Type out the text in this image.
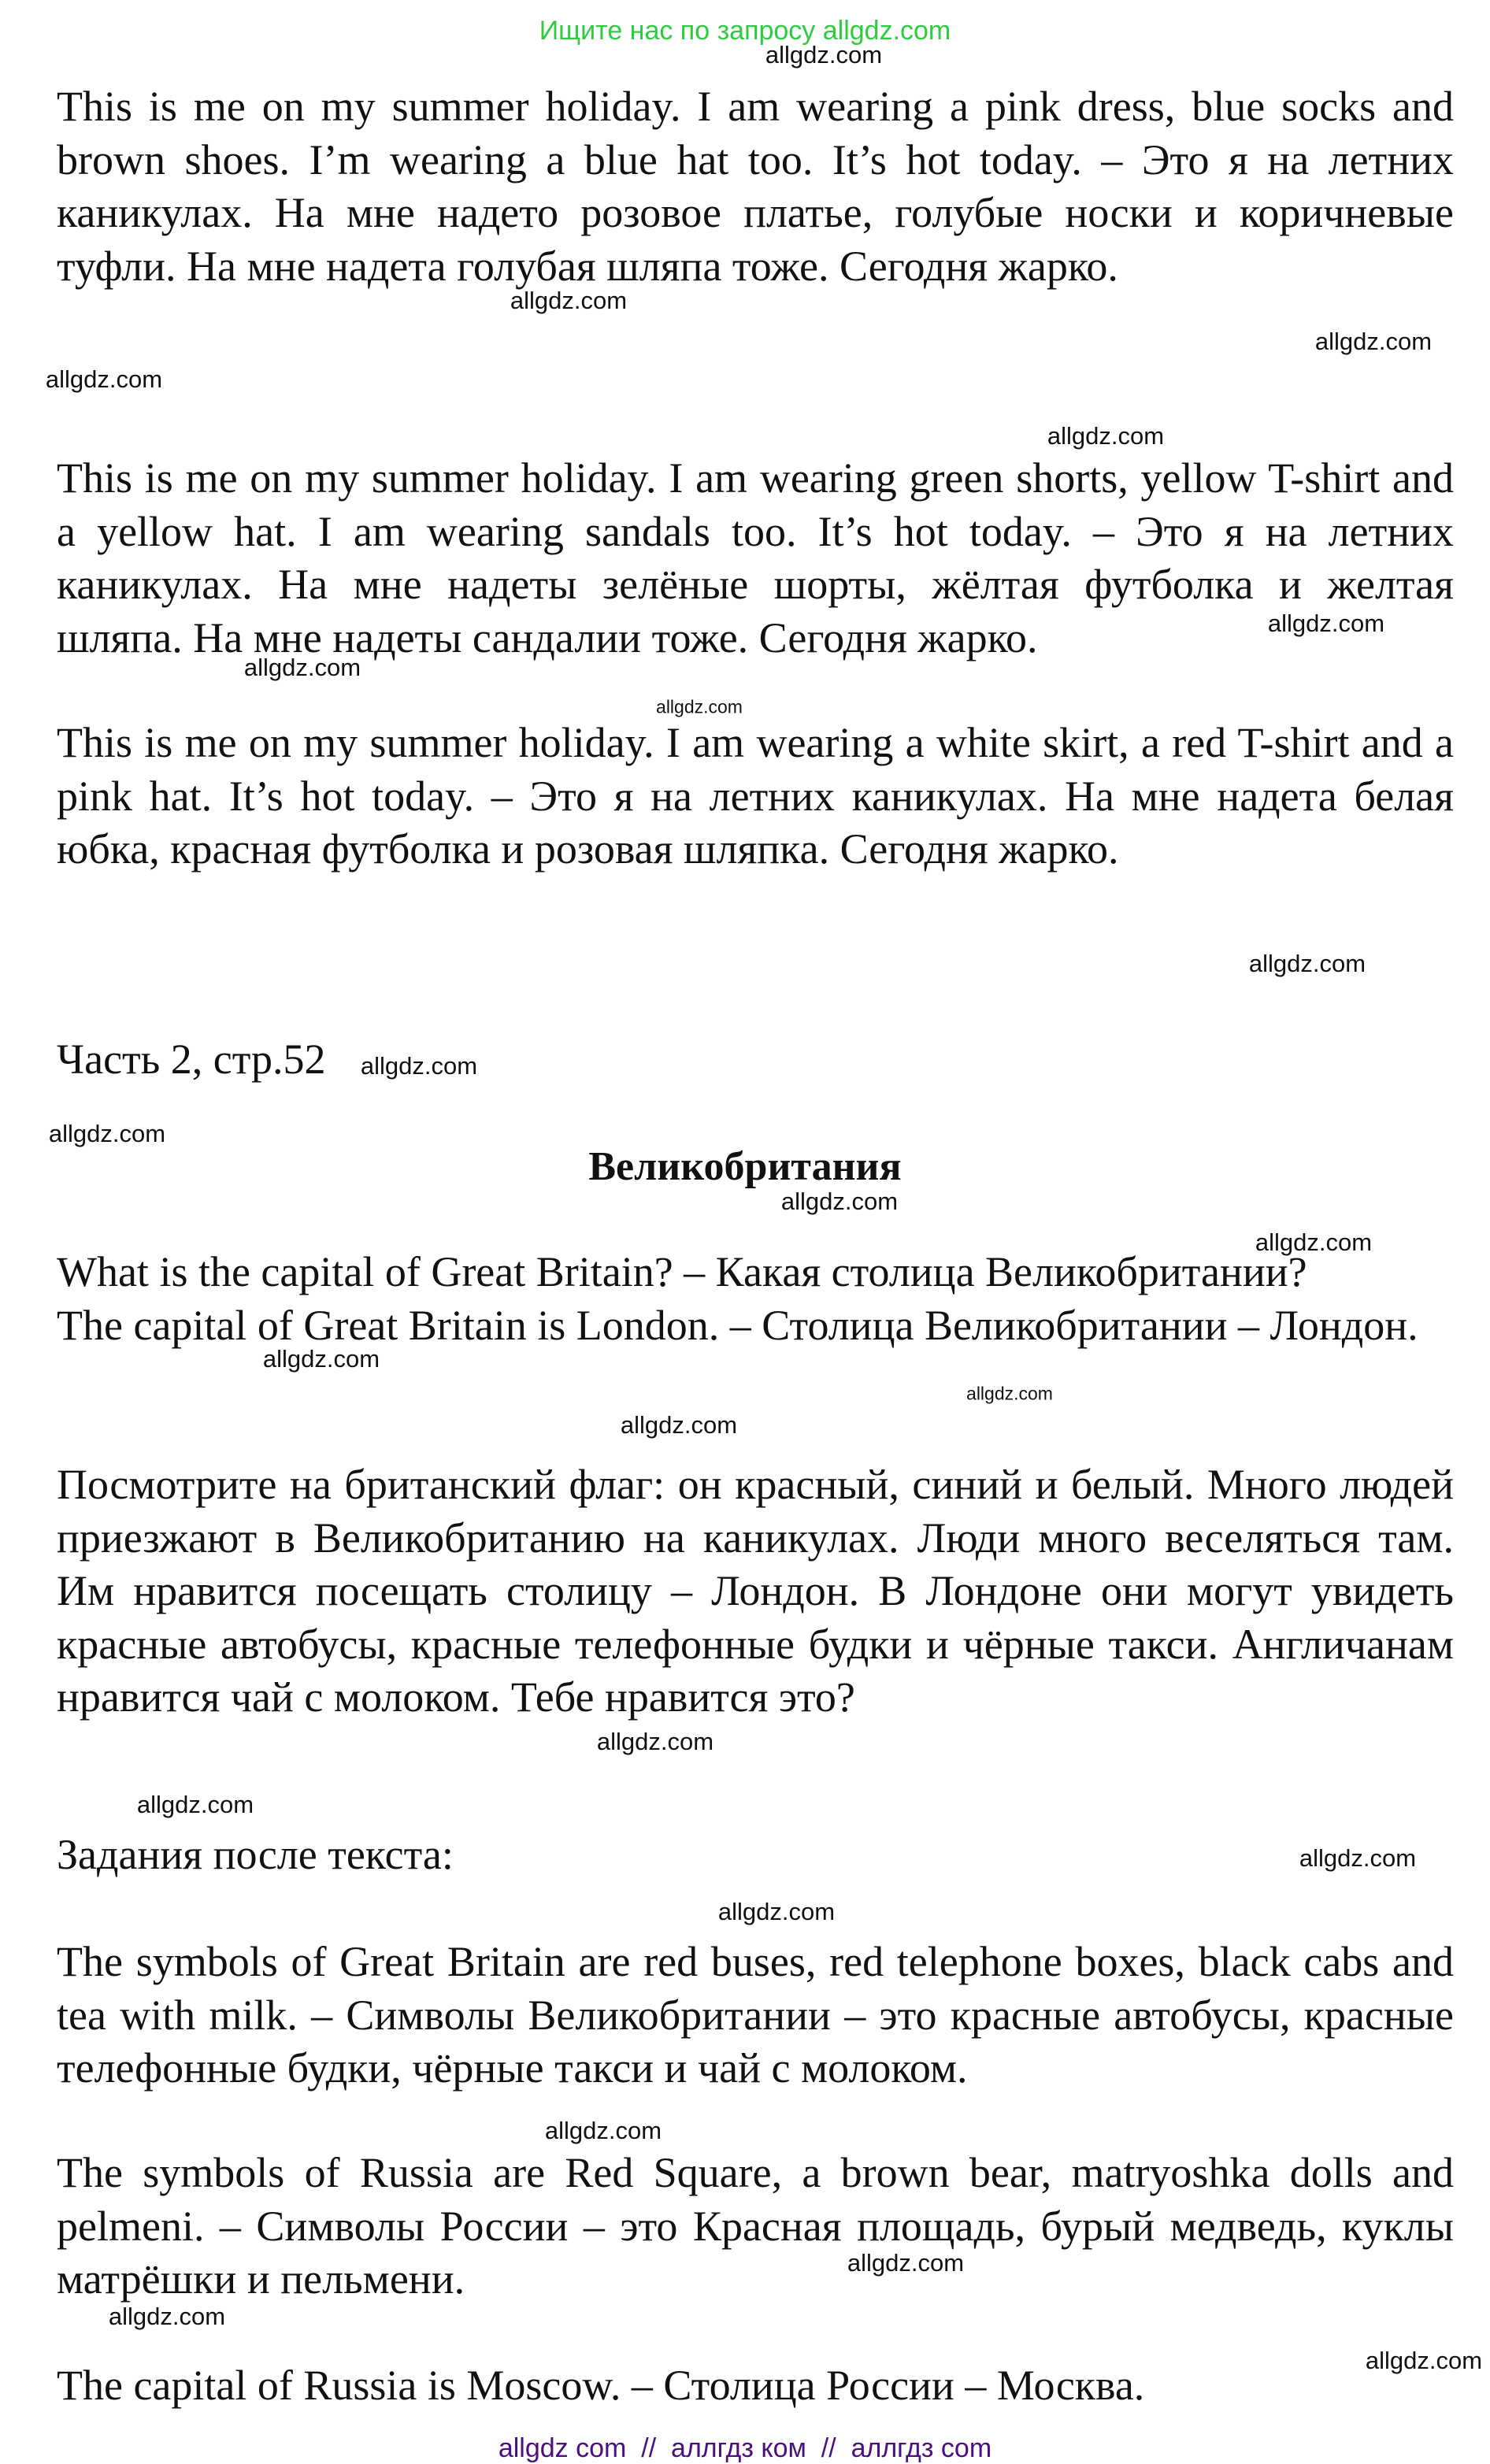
Ищите нас по запросу allgdz.com

This is me on my summer holiday. I am wearing a pink dress, blue socks and brown shoes. I’m wearing a blue hat too. It’s hot today. – Это я на летних каникулах. На мне надето розовое платье, голубые носки и коричневые туфли. На мне надета голубая шляпа тоже. Сегодня жарко.

This is me on my summer holiday. I am wearing green shorts, yellow T-shirt and a yellow hat. I am wearing sandals too. It’s hot today. – Это я на летних каникулах. На мне надеты зелёные шорты, жёлтая футболка и желтая шляпа. На мне надеты сандалии тоже. Сегодня жарко.

This is me on my summer holiday. I am wearing a white skirt, a red T-shirt and a pink hat. It’s hot today. – Это я на летних каникулах. На мне надета белая юбка, красная футболка и розовая шляпка. Сегодня жарко.

Часть 2, стр.52

Великобритания
What is the capital of Great Britain? – Какая столица Великобритании?
The capital of Great Britain is London. – Столица Великобритании – Лондон.

Посмотрите на британский флаг: он красный, синий и белый. Много людей приезжают в Великобританию на каникулах. Люди много веселяться там. Им нравится посещать столицу – Лондон. В Лондоне они могут увидеть красные автобусы, красные телефонные будки и чёрные такси. Англичанам нравится чай с молоком. Тебе нравится это?

Задания после текста:

The symbols of Great Britain are red buses, red telephone boxes, black cabs and tea with milk. – Символы Великобритании – это красные автобусы, красные телефонные будки, чёрные такси и чай с молоком.

The symbols of Russia are Red Square, a brown bear, matryoshka dolls and pelmeni. – Символы России – это Красная площадь, бурый медведь, куклы матрёшки и пельмени.

The capital of Russia is Moscow. – Столица России – Москва.

allgdz.com
allgdz.com
allgdz.com
allgdz.com
allgdz.com
allgdz.com
allgdz.com
allgdz.com
allgdz.com
allgdz.com
allgdz.com
allgdz.com
allgdz.com
allgdz.com
allgdz.com
allgdz.com
allgdz.com
allgdz.com
allgdz.com
allgdz.com
allgdz.com
allgdz.com
allgdz.com
allgdz.com
allgdz com  //  аллгдз ком  //  аллгдз com
